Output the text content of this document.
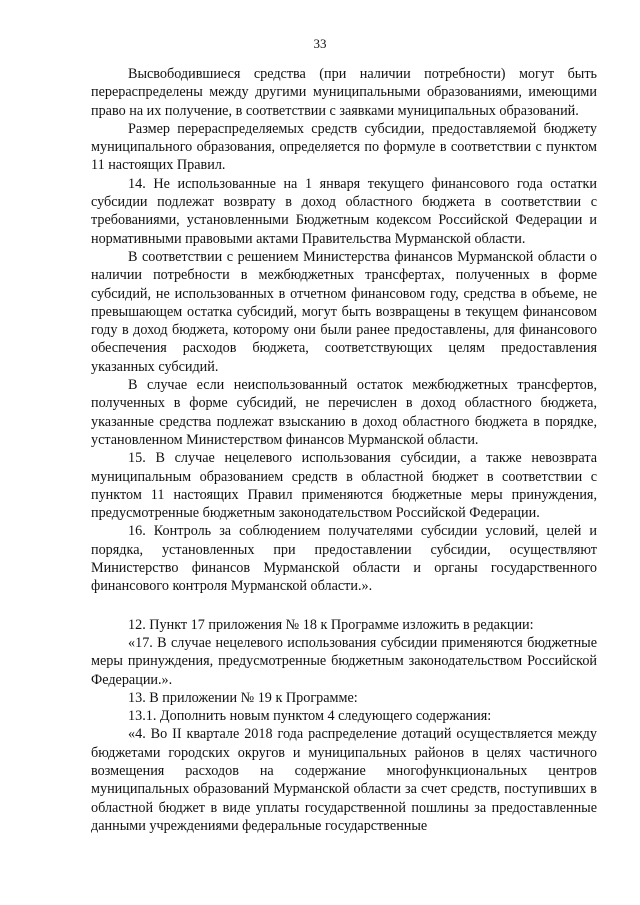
33

Высвободившиеся средства (при наличии потребности) могут быть перераспределены между другими муниципальными образованиями, имеющими право на их получение, в соответствии с заявками муниципальных образований.

Размер перераспределяемых средств субсидии, предоставляемой бюджету муниципального образования, определяется по формуле в соответствии с пунктом 11 настоящих Правил.

14. Не использованные на 1 января текущего финансового года остатки субсидии подлежат возврату в доход областного бюджета в соответствии с требованиями, установленными Бюджетным кодексом Российской Федерации и нормативными правовыми актами Правительства Мурманской области.

В соответствии с решением Министерства финансов Мурманской области о наличии потребности в межбюджетных трансфертах, полученных в форме субсидий, не использованных в отчетном финансовом году, средства в объеме, не превышающем остатка субсидий, могут быть возвращены в текущем финансовом году в доход бюджета, которому они были ранее предоставлены, для финансового обеспечения расходов бюджета, соответствующих целям предоставления указанных субсидий.

В случае если неиспользованный остаток межбюджетных трансфертов, полученных в форме субсидий, не перечислен в доход областного бюджета, указанные средства подлежат взысканию в доход областного бюджета в порядке, установленном Министерством финансов Мурманской области.

15. В случае нецелевого использования субсидии, а также невозврата муниципальным образованием средств в областной бюджет в соответствии с пунктом 11 настоящих Правил применяются бюджетные меры принуждения, предусмотренные бюджетным законодательством Российской Федерации.

16. Контроль за соблюдением получателями субсидии условий, целей и порядка, установленных при предоставлении субсидии, осуществляют Министерство финансов Мурманской области и органы государственного финансового контроля Мурманской области.».

12. Пункт 17 приложения № 18 к Программе изложить в редакции:

«17. В случае нецелевого использования субсидии применяются бюджетные меры принуждения, предусмотренные бюджетным законодательством Российской Федерации.».

13. В приложении № 19 к Программе:

13.1. Дополнить новым пунктом 4 следующего содержания:

«4. Во II квартале 2018 года распределение дотаций осуществляется между бюджетами городских округов и муниципальных районов в целях частичного возмещения расходов на содержание многофункциональных центров муниципальных образований Мурманской области за счет средств, поступивших в областной бюджет в виде уплаты государственной пошлины за предоставленные данными учреждениями федеральные государственные
